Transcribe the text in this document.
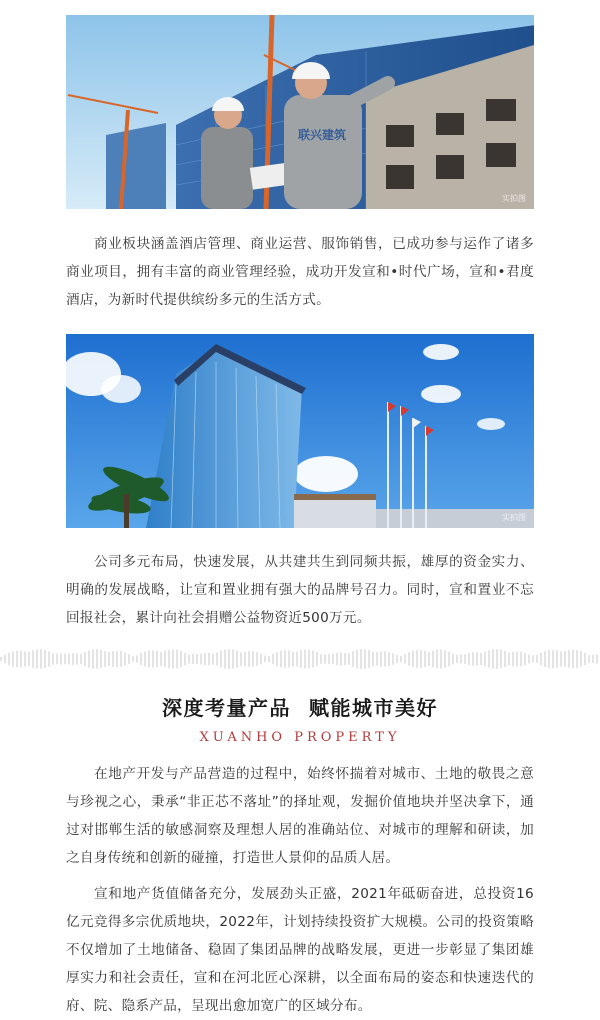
联兴建筑
实拍图

商业板块涵盖酒店管理、商业运营、服饰销售，已成功参与运作了诸多商业项目，拥有丰富的商业管理经验，成功开发宣和•时代广场，宣和•君度酒店，为新时代提供缤纷多元的生活方式。

实拍图

公司多元布局，快速发展，从共建共生到同频共振，雄厚的资金实力、明确的发展战略，让宣和置业拥有强大的品牌号召力。同时，宣和置业不忘回报社会，累计向社会捐赠公益物资近500万元。

深度考量产品 赋能城市美好
XUANHO PROPERTY

在地产开发与产品营造的过程中，始终怀揣着对城市、土地的敬畏之意与珍视之心，秉承“非正芯不落址”的择址观，发掘价值地块并坚决拿下，通过对邯郸生活的敏感洞察及理想人居的准确站位、对城市的理解和研读，加之自身传统和创新的碰撞，打造世人景仰的品质人居。

宣和地产货值储备充分，发展劲头正盛，2021年砥砺奋进，总投资16亿元竞得多宗优质地块，2022年，计划持续投资扩大规模。公司的投资策略不仅增加了土地储备、稳固了集团品牌的战略发展，更进一步彰显了集团雄厚实力和社会责任，宣和在河北匠心深耕，以全面布局的姿态和快速迭代的府、院、隐系产品，呈现出愈加宽广的区域分布。
